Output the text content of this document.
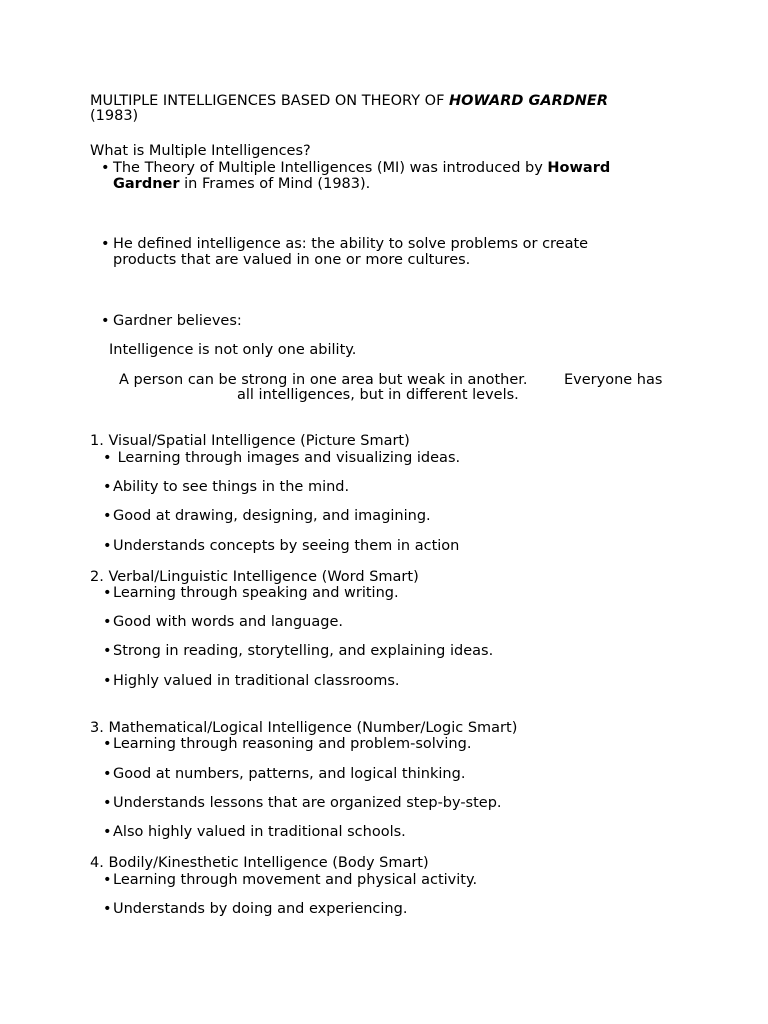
MULTIPLE INTELLIGENCES BASED ON THEORY OF HOWARD GARDNER
(1983)
What is Multiple Intelligences?
• The Theory of Multiple Intelligences (MI) was introduced by Howard
Gardner in Frames of Mind (1983).
• He defined intelligence as: the ability to solve problems or create
products that are valued in one or more cultures.
• Gardner believes:
Intelligence is not only one ability.
A person can be strong in one area but weak in another.	Everyone has
all intelligences, but in different levels.
1. Visual/Spatial Intelligence (Picture Smart)
• Learning through images and visualizing ideas.
• Ability to see things in the mind.
• Good at drawing, designing, and imagining.
• Understands concepts by seeing them in action
2. Verbal/Linguistic Intelligence (Word Smart)
• Learning through speaking and writing.
• Good with words and language.
• Strong in reading, storytelling, and explaining ideas.
• Highly valued in traditional classrooms.
3. Mathematical/Logical Intelligence (Number/Logic Smart)
• Learning through reasoning and problem-solving.
• Good at numbers, patterns, and logical thinking.
• Understands lessons that are organized step-by-step.
• Also highly valued in traditional schools.
4. Bodily/Kinesthetic Intelligence (Body Smart)
• Learning through movement and physical activity.
• Understands by doing and experiencing.
